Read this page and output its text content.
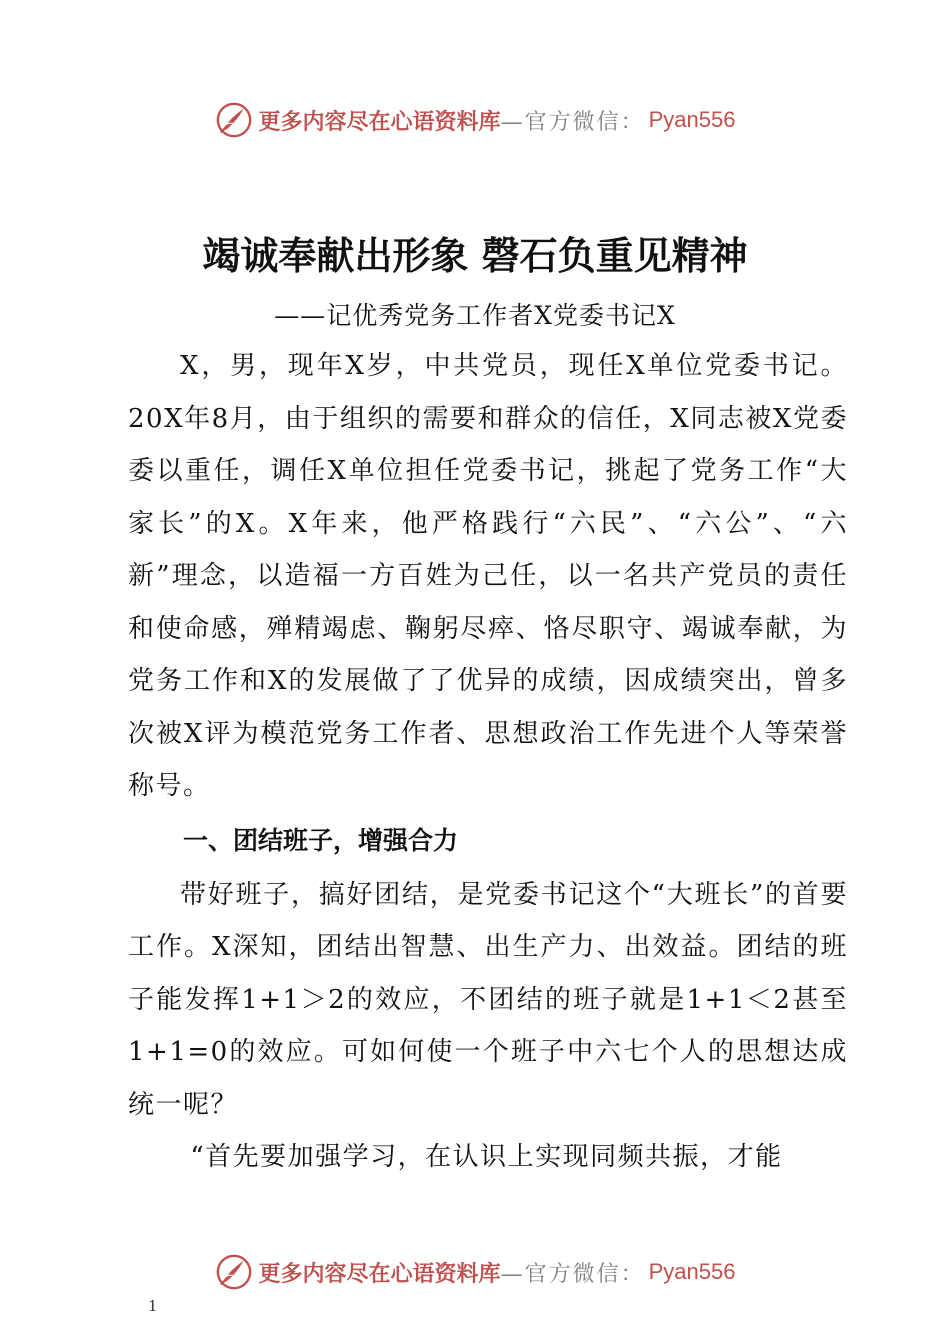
更多内容尽在心语资料库 —官方微信： Pyan556
竭诚奉献出形象 磬石负重见精神
——记优秀党务工作者X党委书记X

X，男，现年X岁，中共党员，现任X单位党委书记。20X年8月，由于组织的需要和群众的信任，X同志被X党委委以重任，调任X单位担任党委书记，挑起了党务工作“大家长”的X。X年来，他严格践行“六民”、“六公”、“六新”理念，以造福一方百姓为己任，以一名共产党员的责任和使命感，殚精竭虑、鞠躬尽瘁、恪尽职守、竭诚奉献，为党务工作和X的发展做了了优异的成绩，因成绩突出，曾多次被X评为模范党务工作者、思想政治工作先进个人等荣誉称号。

一、团结班子，增强合力

带好班子，搞好团结，是党委书记这个“大班长”的首要工作。X深知，团结出智慧、出生产力、出效益。团结的班子能发挥1+1＞2的效应，不团结的班子就是1+1＜2甚至1+1=0的效应。可如何使一个班子中六七个人的思想达成统一呢？

“首先要加强学习，在认识上实现同频共振，才能

更多内容尽在心语资料库 —官方微信： Pyan556
1
